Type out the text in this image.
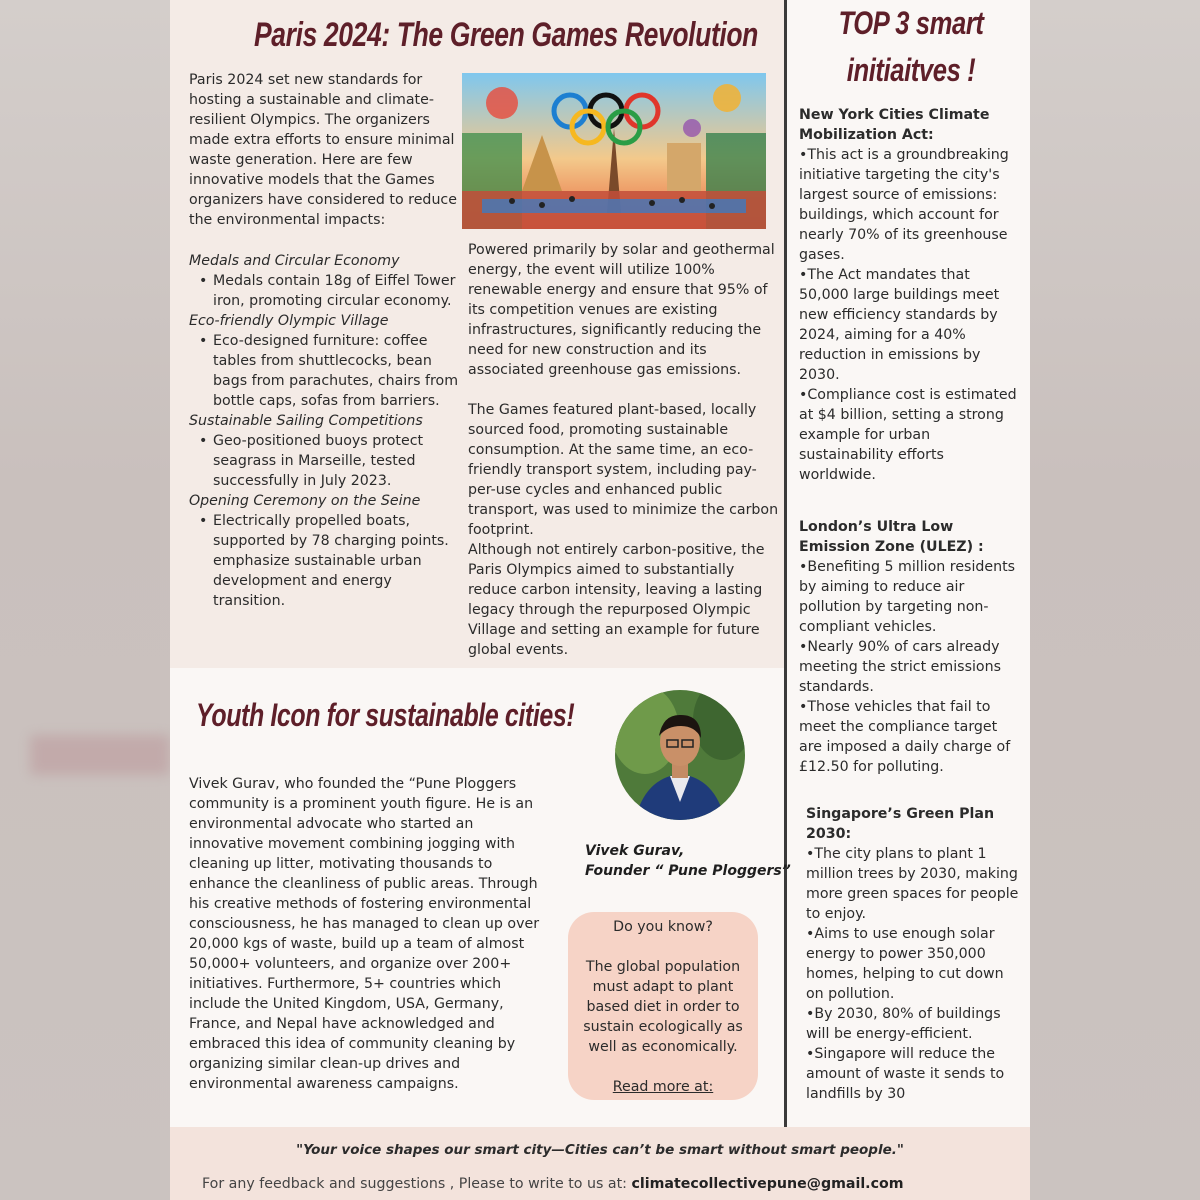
Paris 2024: The Green Games Revolution
Paris 2024 set new standards for hosting a sustainable and climate-resilient Olympics. The organizers made extra efforts to ensure minimal waste generation. Here are few innovative models that the Games organizers have considered to reduce the environmental impacts:
Medals and Circular Economy
• Medals contain 18g of Eiffel Tower iron, promoting circular economy.
Eco-friendly Olympic Village
• Eco-designed furniture: coffee tables from shuttlecocks, bean bags from parachutes, chairs from bottle caps, sofas from barriers.
Sustainable Sailing Competitions
• Geo-positioned buoys protect seagrass in Marseille, tested successfully in July 2023.
Opening Ceremony on the Seine
• Electrically propelled boats, supported by 78 charging points. emphasize sustainable urban development and energy transition.

Powered primarily by solar and geothermal energy, the event will utilize 100% renewable energy and ensure that 95% of its competition venues are existing infrastructures, significantly reducing the need for new construction and its associated greenhouse gas emissions.

The Games featured plant-based, locally sourced food, promoting sustainable consumption. At the same time, an eco-friendly transport system, including pay-per-use cycles and enhanced public transport, was used to minimize the carbon footprint.

Although not entirely carbon-positive, the Paris Olympics aimed to substantially reduce carbon intensity, leaving a lasting legacy through the repurposed Olympic Village and setting an example for future global events.

Youth Icon for sustainable cities!
Vivek Gurav, who founded the “Pune Ploggers community is a prominent youth figure. He is an environmental advocate who started an innovative movement combining jogging with cleaning up litter, motivating thousands to enhance the cleanliness of public areas. Through his creative methods of fostering environmental consciousness, he has managed to clean up over 20,000 kgs of waste, build up a team of almost 50,000+ volunteers, and organize over 200+ initiatives. Furthermore, 5+ countries which include the United Kingdom, USA, Germany, France, and Nepal have acknowledged and embraced this idea of community cleaning by organizing similar clean-up drives and environmental awareness campaigns.
Vivek Gurav,
Founder “ Pune Ploggers”
Do you know?
The global population must adapt to plant based diet in order to sustain ecologically as well as economically.
Read more at:
TOP 3 smart initiaitves !
New York Cities Climate Mobilization Act:
•This act is a groundbreaking initiative targeting the city's largest source of emissions: buildings, which account for nearly 70% of its greenhouse gases.
•The Act mandates that 50,000 large buildings meet new efficiency standards by 2024, aiming for a 40% reduction in emissions by 2030.
•Compliance cost is estimated at $4 billion, setting a strong example for urban sustainability efforts worldwide.
London’s Ultra Low Emission Zone (ULEZ) :
•Benefiting 5 million residents by aiming to reduce air pollution by targeting non-compliant vehicles.
•Nearly 90% of cars already meeting the strict emissions standards.
•Those vehicles that fail to meet the compliance target are imposed a daily charge of £12.50 for polluting.
Singapore’s Green Plan 2030:
•The city plans to plant 1 million trees by 2030, making more green spaces for people to enjoy.
•Aims to use enough solar energy to power 350,000 homes, helping to cut down on pollution.
•By 2030, 80% of buildings will be energy-efficient.
•Singapore will reduce the amount of waste it sends to landfills by 30
"Your voice shapes our smart city—Cities can’t be smart without smart people."
For any feedback and suggestions , Please to write to us at: climatecollectivepune@gmail.com
